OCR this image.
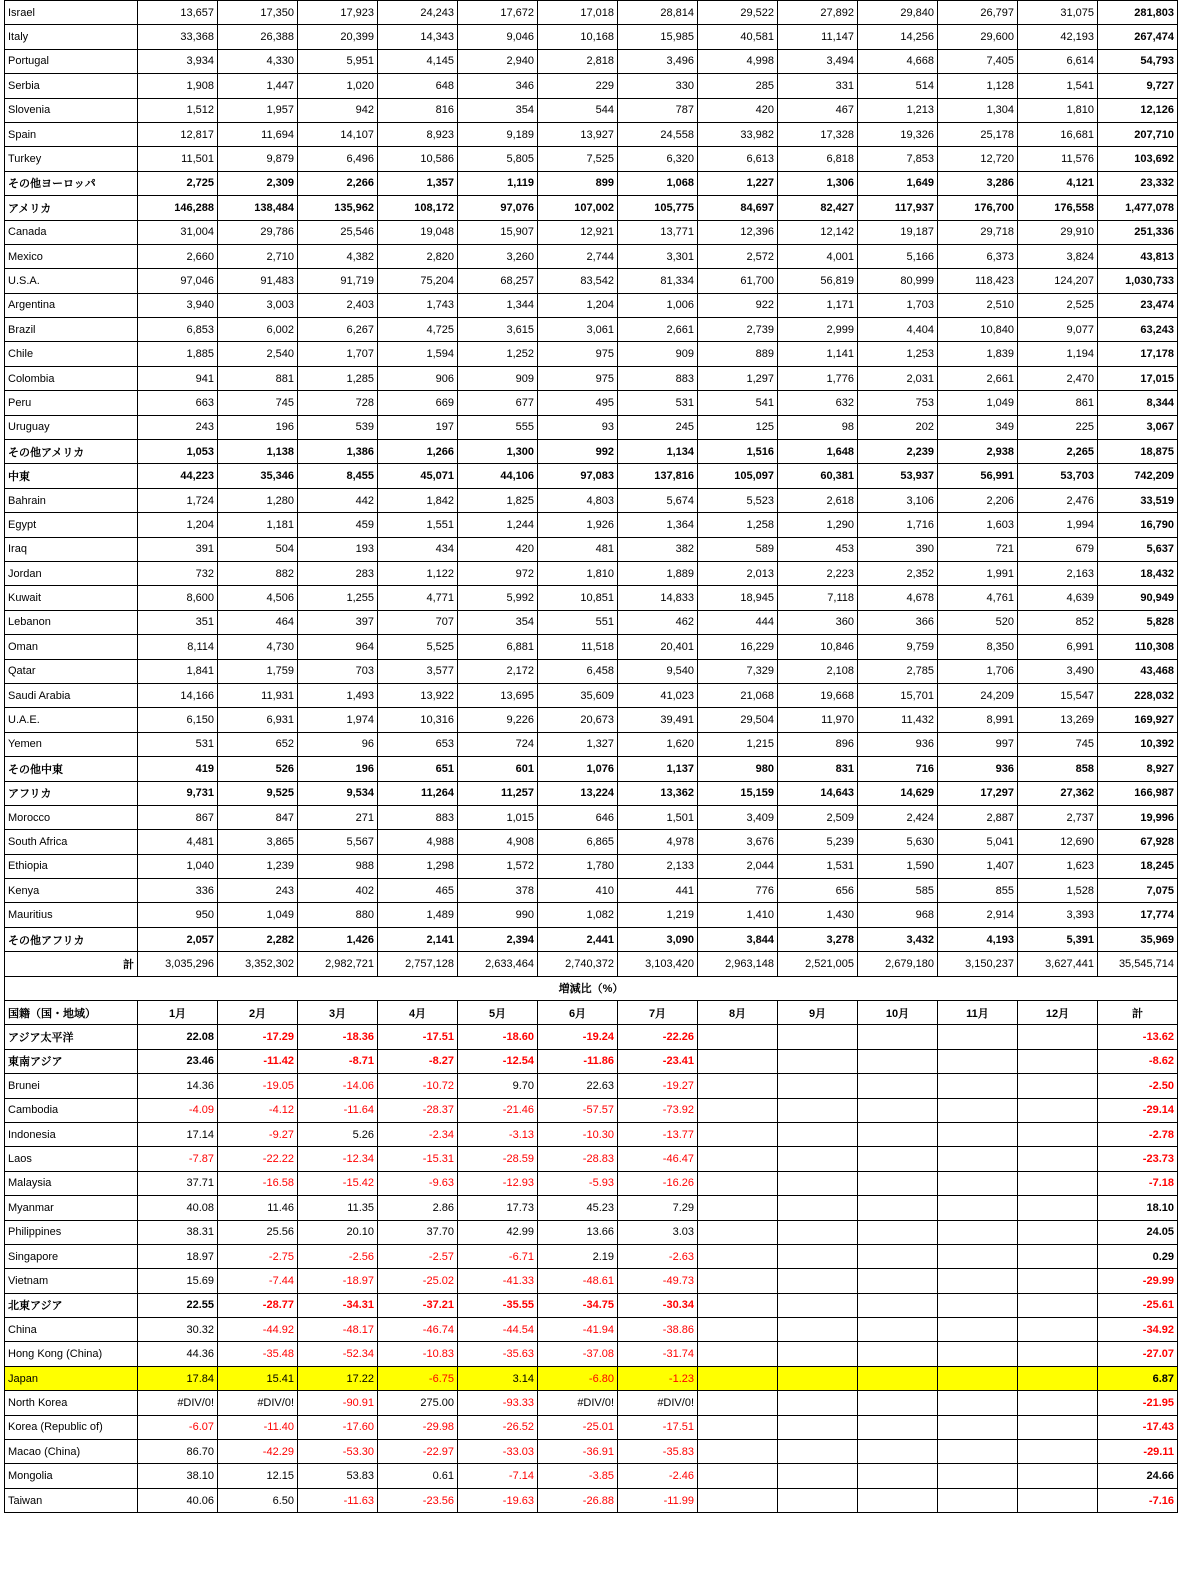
Israel	13,657	17,350	17,923	24,243	17,672	17,018	28,814	29,522	27,892	29,840	26,797	31,075	281,803
Italy	33,368	26,388	20,399	14,343	9,046	10,168	15,985	40,581	11,147	14,256	29,600	42,193	267,474
Portugal	3,934	4,330	5,951	4,145	2,940	2,818	3,496	4,998	3,494	4,668	7,405	6,614	54,793
Serbia	1,908	1,447	1,020	648	346	229	330	285	331	514	1,128	1,541	9,727
Slovenia	1,512	1,957	942	816	354	544	787	420	467	1,213	1,304	1,810	12,126
Spain	12,817	11,694	14,107	8,923	9,189	13,927	24,558	33,982	17,328	19,326	25,178	16,681	207,710
Turkey	11,501	9,879	6,496	10,586	5,805	7,525	6,320	6,613	6,818	7,853	12,720	11,576	103,692
その他ヨーロッパ	2,725	2,309	2,266	1,357	1,119	899	1,068	1,227	1,306	1,649	3,286	4,121	23,332
アメリカ	146,288	138,484	135,962	108,172	97,076	107,002	105,775	84,697	82,427	117,937	176,700	176,558	1,477,078
Canada	31,004	29,786	25,546	19,048	15,907	12,921	13,771	12,396	12,142	19,187	29,718	29,910	251,336
Mexico	2,660	2,710	4,382	2,820	3,260	2,744	3,301	2,572	4,001	5,166	6,373	3,824	43,813
U.S.A.	97,046	91,483	91,719	75,204	68,257	83,542	81,334	61,700	56,819	80,999	118,423	124,207	1,030,733
Argentina	3,940	3,003	2,403	1,743	1,344	1,204	1,006	922	1,171	1,703	2,510	2,525	23,474
Brazil	6,853	6,002	6,267	4,725	3,615	3,061	2,661	2,739	2,999	4,404	10,840	9,077	63,243
Chile	1,885	2,540	1,707	1,594	1,252	975	909	889	1,141	1,253	1,839	1,194	17,178
Colombia	941	881	1,285	906	909	975	883	1,297	1,776	2,031	2,661	2,470	17,015
Peru	663	745	728	669	677	495	531	541	632	753	1,049	861	8,344
Uruguay	243	196	539	197	555	93	245	125	98	202	349	225	3,067
その他アメリカ	1,053	1,138	1,386	1,266	1,300	992	1,134	1,516	1,648	2,239	2,938	2,265	18,875
中東	44,223	35,346	8,455	45,071	44,106	97,083	137,816	105,097	60,381	53,937	56,991	53,703	742,209
Bahrain	1,724	1,280	442	1,842	1,825	4,803	5,674	5,523	2,618	3,106	2,206	2,476	33,519
Egypt	1,204	1,181	459	1,551	1,244	1,926	1,364	1,258	1,290	1,716	1,603	1,994	16,790
Iraq	391	504	193	434	420	481	382	589	453	390	721	679	5,637
Jordan	732	882	283	1,122	972	1,810	1,889	2,013	2,223	2,352	1,991	2,163	18,432
Kuwait	8,600	4,506	1,255	4,771	5,992	10,851	14,833	18,945	7,118	4,678	4,761	4,639	90,949
Lebanon	351	464	397	707	354	551	462	444	360	366	520	852	5,828
Oman	8,114	4,730	964	5,525	6,881	11,518	20,401	16,229	10,846	9,759	8,350	6,991	110,308
Qatar	1,841	1,759	703	3,577	2,172	6,458	9,540	7,329	2,108	2,785	1,706	3,490	43,468
Saudi Arabia	14,166	11,931	1,493	13,922	13,695	35,609	41,023	21,068	19,668	15,701	24,209	15,547	228,032
U.A.E.	6,150	6,931	1,974	10,316	9,226	20,673	39,491	29,504	11,970	11,432	8,991	13,269	169,927
Yemen	531	652	96	653	724	1,327	1,620	1,215	896	936	997	745	10,392
その他中東	419	526	196	651	601	1,076	1,137	980	831	716	936	858	8,927
アフリカ	9,731	9,525	9,534	11,264	11,257	13,224	13,362	15,159	14,643	14,629	17,297	27,362	166,987
Morocco	867	847	271	883	1,015	646	1,501	3,409	2,509	2,424	2,887	2,737	19,996
South Africa	4,481	3,865	5,567	4,988	4,908	6,865	4,978	3,676	5,239	5,630	5,041	12,690	67,928
Ethiopia	1,040	1,239	988	1,298	1,572	1,780	2,133	2,044	1,531	1,590	1,407	1,623	18,245
Kenya	336	243	402	465	378	410	441	776	656	585	855	1,528	7,075
Mauritius	950	1,049	880	1,489	990	1,082	1,219	1,410	1,430	968	2,914	3,393	17,774
その他アフリカ	2,057	2,282	1,426	2,141	2,394	2,441	3,090	3,844	3,278	3,432	4,193	5,391	35,969
計	3,035,296	3,352,302	2,982,721	2,757,128	2,633,464	2,740,372	3,103,420	2,963,148	2,521,005	2,679,180	3,150,237	3,627,441	35,545,714
増減比（%）													
国籍（国・地域）	1月	2月	3月	4月	5月	6月	7月	8月	9月	10月	11月	12月	計
アジア太平洋	22.08	-17.29	-18.36	-17.51	-18.60	-19.24	-22.26						-13.62
東南アジア	23.46	-11.42	-8.71	-8.27	-12.54	-11.86	-23.41						-8.62
Brunei	14.36	-19.05	-14.06	-10.72	9.70	22.63	-19.27						-2.50
Cambodia	-4.09	-4.12	-11.64	-28.37	-21.46	-57.57	-73.92						-29.14
Indonesia	17.14	-9.27	5.26	-2.34	-3.13	-10.30	-13.77						-2.78
Laos	-7.87	-22.22	-12.34	-15.31	-28.59	-28.83	-46.47						-23.73
Malaysia	37.71	-16.58	-15.42	-9.63	-12.93	-5.93	-16.26						-7.18
Myanmar	40.08	11.46	11.35	2.86	17.73	45.23	7.29						18.10
Philippines	38.31	25.56	20.10	37.70	42.99	13.66	3.03						24.05
Singapore	18.97	-2.75	-2.56	-2.57	-6.71	2.19	-2.63						0.29
Vietnam	15.69	-7.44	-18.97	-25.02	-41.33	-48.61	-49.73						-29.99
北東アジア	22.55	-28.77	-34.31	-37.21	-35.55	-34.75	-30.34						-25.61
China	30.32	-44.92	-48.17	-46.74	-44.54	-41.94	-38.86						-34.92
Hong Kong (China)	44.36	-35.48	-52.34	-10.83	-35.63	-37.08	-31.74						-27.07
Japan	17.84	15.41	17.22	-6.75	3.14	-6.80	-1.23						6.87
North Korea	#DIV/0!	#DIV/0!	-90.91	275.00	-93.33	#DIV/0!	#DIV/0!						-21.95
Korea (Republic of)	-6.07	-11.40	-17.60	-29.98	-26.52	-25.01	-17.51						-17.43
Macao (China)	86.70	-42.29	-53.30	-22.97	-33.03	-36.91	-35.83						-29.11
Mongolia	38.10	12.15	53.83	0.61	-7.14	-3.85	-2.46						24.66
Taiwan	40.06	6.50	-11.63	-23.56	-19.63	-26.88	-11.99						-7.16
